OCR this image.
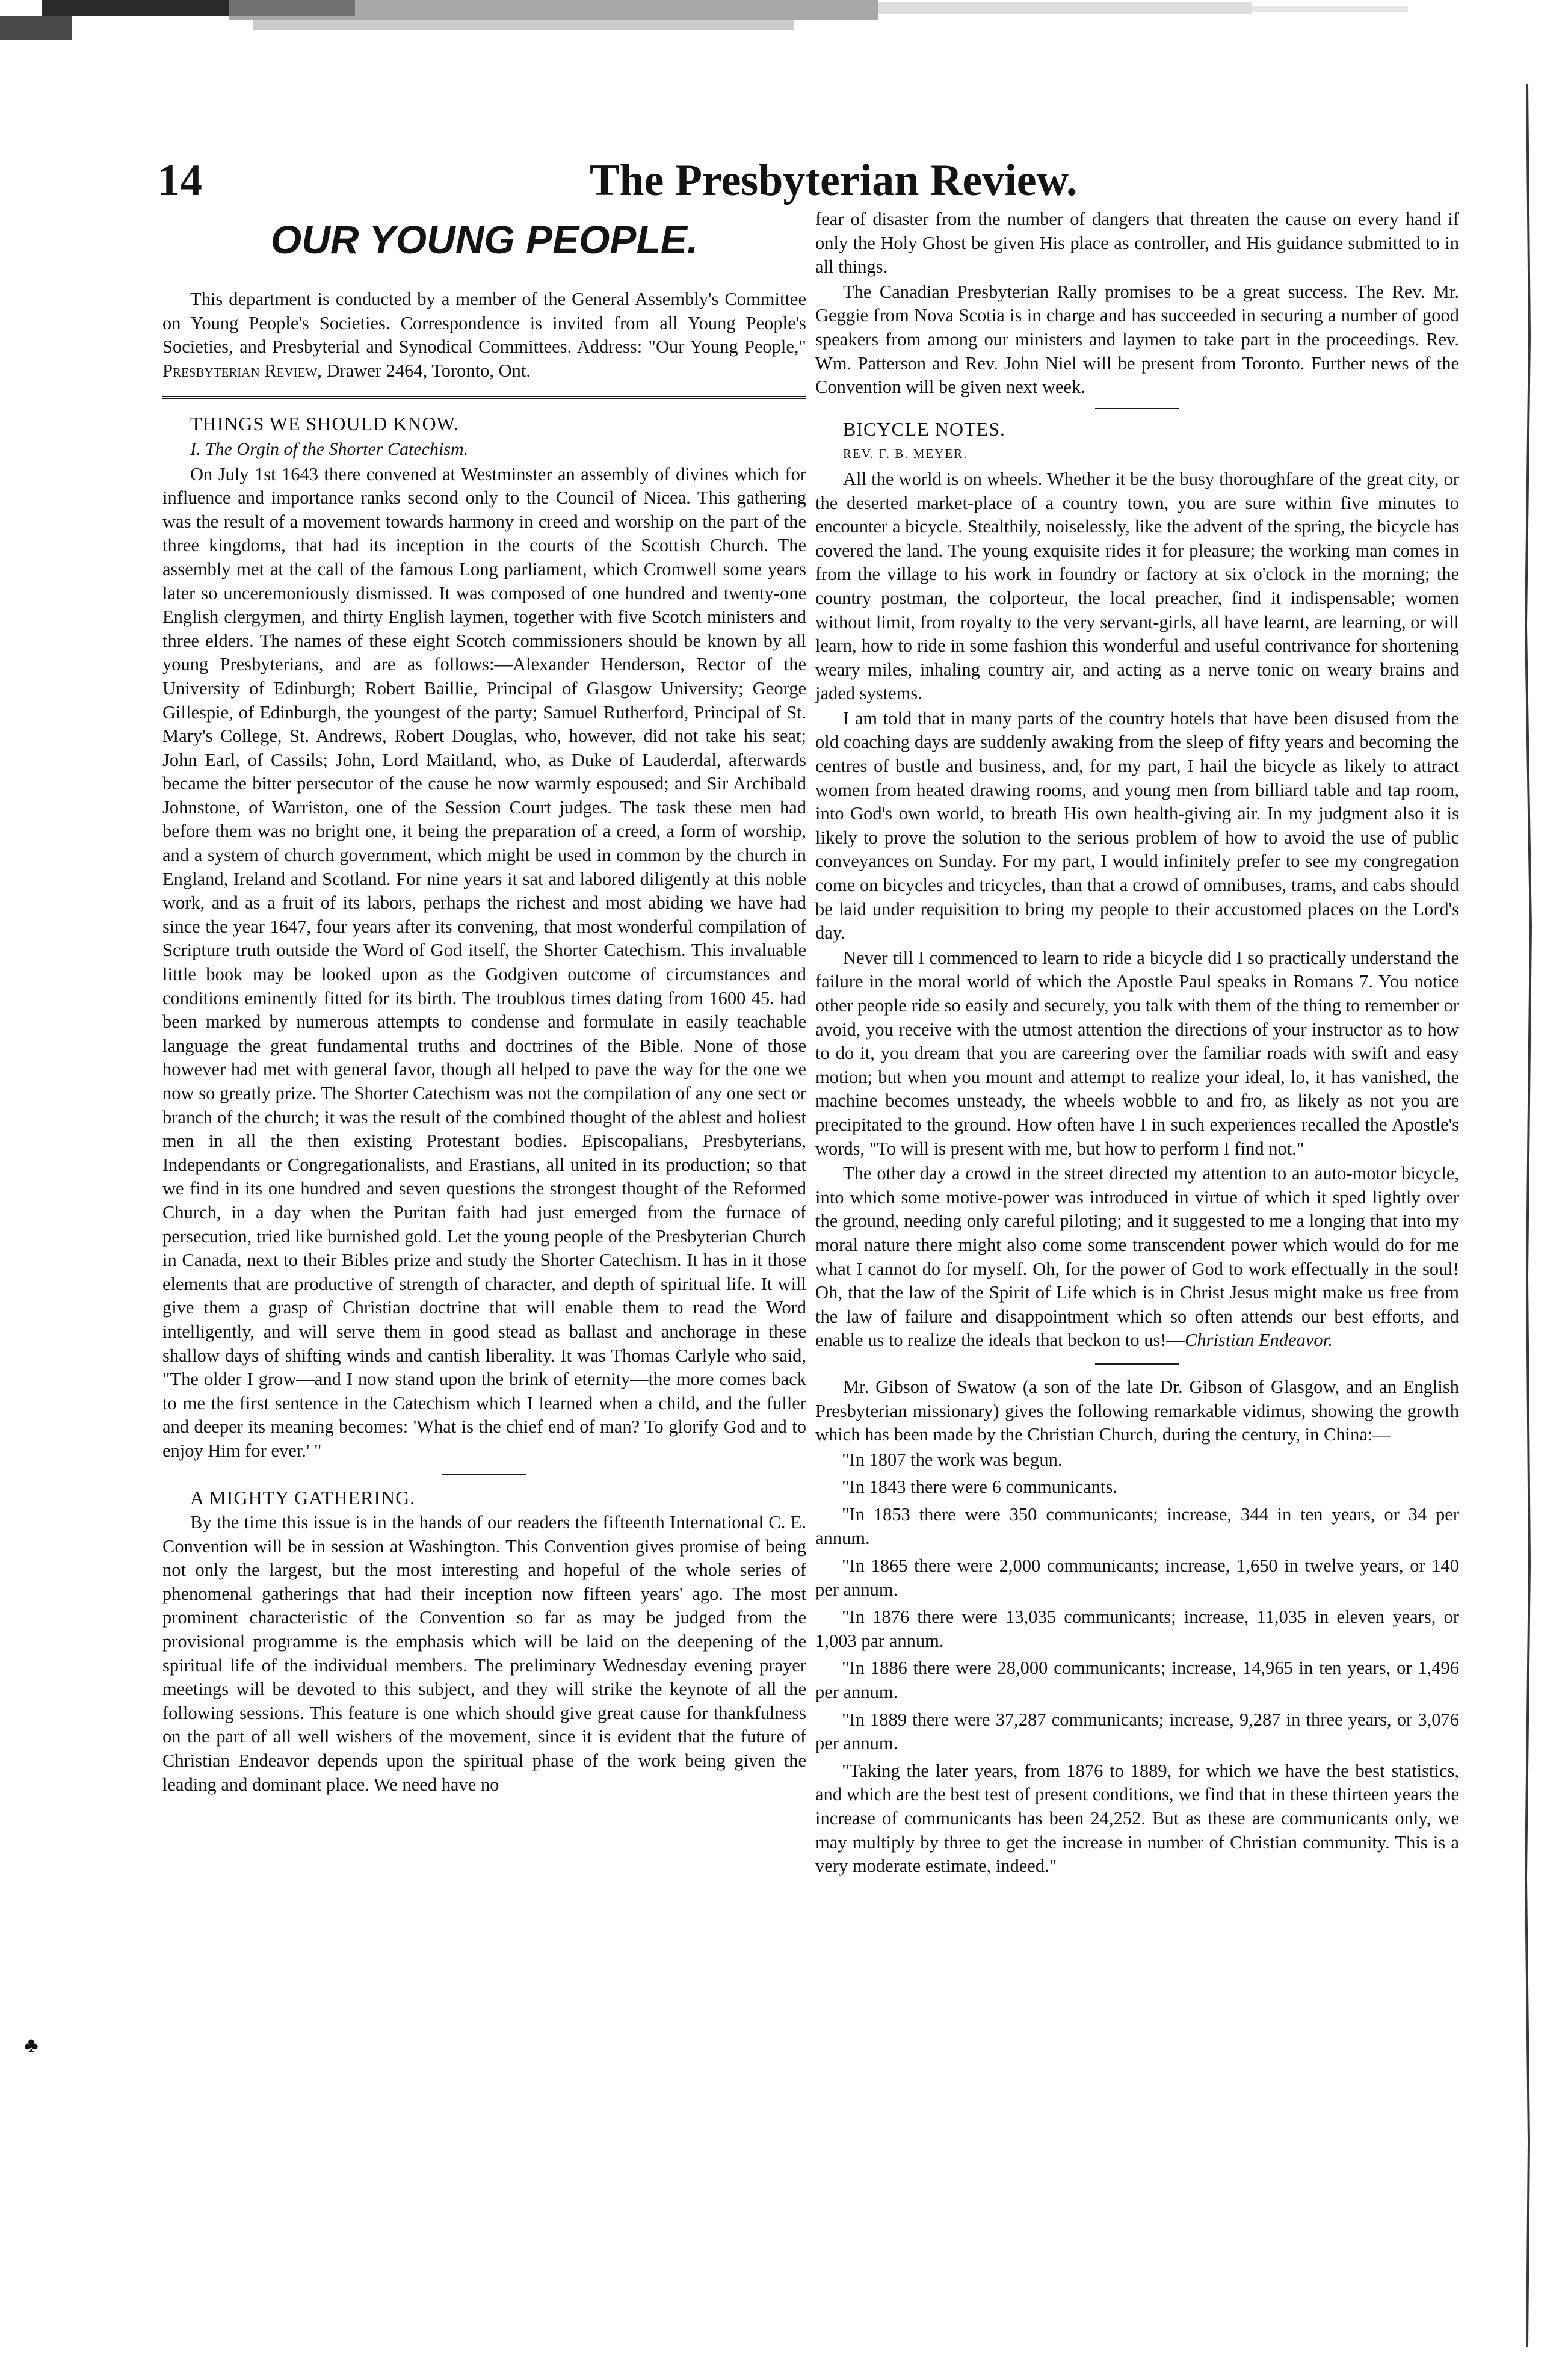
14	The Presbyterian Review.
OUR YOUNG PEOPLE.

This department is conducted by a member of the General Assembly's Committee on Young People's Societies. Correspondence is invited from all Young People's Societies, and Presbyterial and Synodical Committees. Address: "Our Young People," Presbyterian Review, Drawer 2464, Toronto, Ont.

THINGS WE SHOULD KNOW.

I. The Orgin of the Shorter Catechism.

On July 1st 1643 there convened at Westminster an assembly of divines which for influence and importance ranks second only to the Council of Nicea. This gathering was the result of a movement towards harmony in creed and worship on the part of the three kingdoms, that had its inception in the courts of the Scottish Church. The assembly met at the call of the famous Long parliament, which Cromwell some years later so unceremoniously dismissed. It was composed of one hundred and twenty-one English clergymen, and thirty English laymen, together with five Scotch ministers and three elders. The names of these eight Scotch commissioners should be known by all young Presbyterians, and are as follows:—Alexander Henderson, Rector of the University of Edinburgh; Robert Baillie, Principal of Glasgow University; George Gillespie, of Edinburgh, the youngest of the party; Samuel Rutherford, Principal of St. Mary's College, St. Andrews, Robert Douglas, who, however, did not take his seat; John Earl, of Cassils; John, Lord Maitland, who, as Duke of Lauderdal, afterwards became the bitter persecutor of the cause he now warmly espoused; and Sir Archibald Johnstone, of Warriston, one of the Session Court judges. The task these men had before them was no bright one, it being the preparation of a creed, a form of worship, and a system of church government, which might be used in common by the church in England, Ireland and Scotland. For nine years it sat and labored diligently at this noble work, and as a fruit of its labors, perhaps the richest and most abiding we have had since the year 1647, four years after its convening, that most wonderful compilation of Scripture truth outside the Word of God itself, the Shorter Catechism. This invaluable little book may be looked upon as the Godgiven outcome of circumstances and conditions eminently fitted for its birth. The troublous times dating from 1600 45. had been marked by numerous attempts to condense and formulate in easily teachable language the great fundamental truths and doctrines of the Bible. None of those however had met with general favor, though all helped to pave the way for the one we now so greatly prize. The Shorter Catechism was not the compilation of any one sect or branch of the church; it was the result of the combined thought of the ablest and holiest men in all the then existing Protestant bodies. Episcopalians, Presbyterians, Independants or Congregationalists, and Erastians, all united in its production; so that we find in its one hundred and seven questions the strongest thought of the Reformed Church, in a day when the Puritan faith had just emerged from the furnace of persecution, tried like burnished gold. Let the young people of the Presbyterian Church in Canada, next to their Bibles prize and study the Shorter Catechism. It has in it those elements that are productive of strength of character, and depth of spiritual life. It will give them a grasp of Christian doctrine that will enable them to read the Word intelligently, and will serve them in good stead as ballast and anchorage in these shallow days of shifting winds and cantish liberality. It was Thomas Carlyle who said, "The older I grow—and I now stand upon the brink of eternity—the more comes back to me the first sentence in the Catechism which I learned when a child, and the fuller and deeper its meaning becomes: 'What is the chief end of man? To glorify God and to enjoy Him for ever.' "

A MIGHTY GATHERING.

By the time this issue is in the hands of our readers the fifteenth International C. E. Convention will be in session at Washington. This Convention gives promise of being not only the largest, but the most interesting and hopeful of the whole series of phenomenal gatherings that had their inception now fifteen years' ago. The most prominent characteristic of the Convention so far as may be judged from the provisional programme is the emphasis which will be laid on the deepening of the spiritual life of the individual members. The preliminary Wednesday evening prayer meetings will be devoted to this subject, and they will strike the keynote of all the following sessions. This feature is one which should give great cause for thankfulness on the part of all well wishers of the movement, since it is evident that the future of Christian Endeavor depends upon the spiritual phase of the work being given the leading and dominant place. We need have no

fear of disaster from the number of dangers that threaten the cause on every hand if only the Holy Ghost be given His place as controller, and His guidance submitted to in all things.

The Canadian Presbyterian Rally promises to be a great success. The Rev. Mr. Geggie from Nova Scotia is in charge and has succeeded in securing a number of good speakers from among our ministers and laymen to take part in the proceedings. Rev. Wm. Patterson and Rev. John Niel will be present from Toronto. Further news of the Convention will be given next week.

BICYCLE NOTES.

REV. F. B. MEYER.

All the world is on wheels. Whether it be the busy thoroughfare of the great city, or the deserted market-place of a country town, you are sure within five minutes to encounter a bicycle. Stealthily, noiselessly, like the advent of the spring, the bicycle has covered the land. The young exquisite rides it for pleasure; the working man comes in from the village to his work in foundry or factory at six o'clock in the morning; the country postman, the colporteur, the local preacher, find it indispensable; women without limit, from royalty to the very servant-girls, all have learnt, are learning, or will learn, how to ride in some fashion this wonderful and useful contrivance for shortening weary miles, inhaling country air, and acting as a nerve tonic on weary brains and jaded systems.

I am told that in many parts of the country hotels that have been disused from the old coaching days are suddenly awaking from the sleep of fifty years and becoming the centres of bustle and business, and, for my part, I hail the bicycle as likely to attract women from heated drawing rooms, and young men from billiard table and tap room, into God's own world, to breath His own health-giving air. In my judgment also it is likely to prove the solution to the serious problem of how to avoid the use of public conveyances on Sunday. For my part, I would infinitely prefer to see my congregation come on bicycles and tricycles, than that a crowd of omnibuses, trams, and cabs should be laid under requisition to bring my people to their accustomed places on the Lord's day.

Never till I commenced to learn to ride a bicycle did I so practically understand the failure in the moral world of which the Apostle Paul speaks in Romans 7. You notice other people ride so easily and securely, you talk with them of the thing to remember or avoid, you receive with the utmost attention the directions of your instructor as to how to do it, you dream that you are careering over the familiar roads with swift and easy motion; but when you mount and attempt to realize your ideal, lo, it has vanished, the machine becomes unsteady, the wheels wobble to and fro, as likely as not you are precipitated to the ground. How often have I in such experiences recalled the Apostle's words, "To will is present with me, but how to perform I find not."

The other day a crowd in the street directed my attention to an auto-motor bicycle, into which some motive-power was introduced in virtue of which it sped lightly over the ground, needing only careful piloting; and it suggested to me a longing that into my moral nature there might also come some transcendent power which would do for me what I cannot do for myself. Oh, for the power of God to work effectually in the soul! Oh, that the law of the Spirit of Life which is in Christ Jesus might make us free from the law of failure and disappointment which so often attends our best efforts, and enable us to realize the ideals that beckon to us!—Christian Endeavor.

Mr. Gibson of Swatow (a son of the late Dr. Gibson of Glasgow, and an English Presbyterian missionary) gives the following remarkable vidimus, showing the growth which has been made by the Christian Church, during the century, in China:—

"In 1807 the work was begun.

"In 1843 there were 6 communicants.

"In 1853 there were 350 communicants; increase, 344 in ten years, or 34 per annum.

"In 1865 there were 2,000 communicants; increase, 1,650 in twelve years, or 140 per annum.

"In 1876 there were 13,035 communicants; increase, 11,035 in eleven years, or 1,003 par annum.

"In 1886 there were 28,000 communicants; increase, 14,965 in ten years, or 1,496 per annum.

"In 1889 there were 37,287 communicants; increase, 9,287 in three years, or 3,076 per annum.

"Taking the later years, from 1876 to 1889, for which we have the best statistics, and which are the best test of present conditions, we find that in these thirteen years the increase of communicants has been 24,252. But as these are communicants only, we may multiply by three to get the increase in number of Christian community. This is a very moderate estimate, indeed."

♣
